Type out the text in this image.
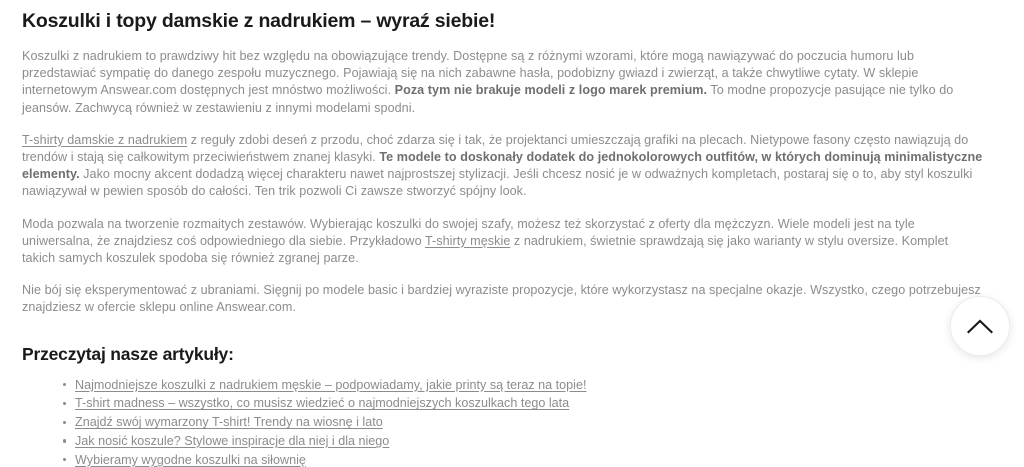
Koszulki i topy damskie z nadrukiem – wyraź siebie!

Koszulki z nadrukiem to prawdziwy hit bez względu na obowiązujące trendy. Dostępne są z różnymi wzorami, które mogą nawiązywać do poczucia humoru lub przedstawiać sympatię do danego zespołu muzycznego. Pojawiają się na nich zabawne hasła, podobizny gwiazd i zwierząt, a także chwytliwe cytaty. W sklepie internetowym Answear.com dostępnych jest mnóstwo możliwości. Poza tym nie brakuje modeli z logo marek premium. To modne propozycje pasujące nie tylko do jeansów. Zachwycą również w zestawieniu z innymi modelami spodni.

T-shirty damskie z nadrukiem z reguły zdobi deseń z przodu, choć zdarza się i tak, że projektanci umieszczają grafiki na plecach. Nietypowe fasony często nawiązują do trendów i stają się całkowitym przeciwieństwem znanej klasyki. Te modele to doskonały dodatek do jednokolorowych outfitów, w których dominują minimalistyczne elementy. Jako mocny akcent dodadzą więcej charakteru nawet najprostszej stylizacji. Jeśli chcesz nosić je w odważnych kompletach, postaraj się o to, aby styl koszulki nawiązywał w pewien sposób do całości. Ten trik pozwoli Ci zawsze stworzyć spójny look.

Moda pozwala na tworzenie rozmaitych zestawów. Wybierając koszulki do swojej szafy, możesz też skorzystać z oferty dla mężczyzn. Wiele modeli jest na tyle uniwersalna, że znajdziesz coś odpowiedniego dla siebie. Przykładowo T-shirty męskie z nadrukiem, świetnie sprawdzają się jako warianty w stylu oversize. Komplet takich samych koszulek spodoba się również zgranej parze.

Nie bój się eksperymentować z ubraniami. Sięgnij po modele basic i bardziej wyraziste propozycje, które wykorzystasz na specjalne okazje. Wszystko, czego potrzebujesz znajdziesz w ofercie sklepu online Answear.com.

Przeczytaj nasze artykuły:
Najmodniejsze koszulki z nadrukiem męskie – podpowiadamy, jakie printy są teraz na topie!
T-shirt madness – wszystko, co musisz wiedzieć o najmodniejszych koszulkach tego lata
Znajdź swój wymarzony T-shirt! Trendy na wiosnę i lato
Jak nosić koszule? Stylowe inspiracje dla niej i dla niego
Wybieramy wygodne koszulki na siłownię
